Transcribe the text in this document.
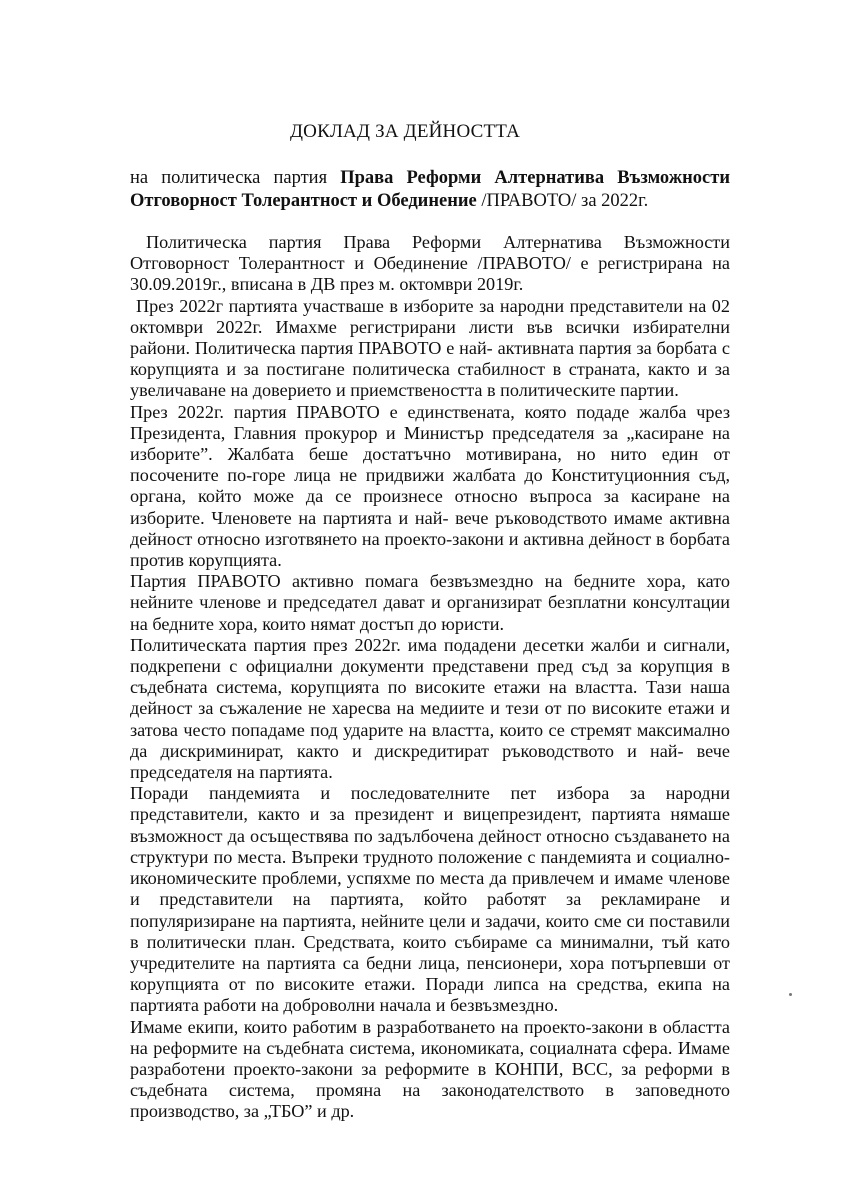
ДОКЛАД ЗА ДЕЙНОСТТА
на политическа партия Права Реформи Алтернатива Възможности Отговорност Толерантност и Обединение /ПРАВОТО/ за 2022г.

Политическа партия Права Реформи Алтернатива Възможности Отговорност Толерантност и Обединение /ПРАВОТО/ е регистрирана на 30.09.2019г., вписана в ДВ през м. октомври 2019г.

През 2022г партията участваше в изборите за народни представители на 02 октомври 2022г. Имахме регистрирани листи във всички избирателни райони. Политическа партия ПРАВОТО е най- активната партия за борбата с корупцията и за постигане политическа стабилност в страната, както и за увеличаване на доверието и приемствеността в политическите партии.

През 2022г. партия ПРАВОТО е единствената, която подаде жалба чрез Президента, Главния прокурор и Министър председателя за „касиране на изборите”. Жалбата беше достатъчно мотивирана, но нито един от посочените по-горе лица не придвижи жалбата до Конституционния съд, органа, който може да се произнесе относно въпроса за касиране на изборите. Членовете на партията и най- вече ръководството имаме активна дейност относно изготвянето на проекто-закони и активна дейност в борбата против корупцията.

Партия ПРАВОТО активно помага безвъзмездно на бедните хора, като нейните членове и председател дават и организират безплатни консултации на бедните хора, които нямат достъп до юристи.

Политическата партия през 2022г. има подадени десетки жалби и сигнали, подкрепени с официални документи представени пред съд за корупция в съдебната система, корупцията по високите етажи на властта. Тази наша дейност за съжаление не харесва на медиите и тези от по високите етажи и затова често попадаме под ударите на властта, които се стремят максимално да дискриминират, както и дискредитират ръководството и най- вече председателя на партията.

Поради пандемията и последователните пет избора за народни представители, както и за президент и вицепрезидент, партията нямаше възможност да осъществява по задълбочена дейност относно създаването на структури по места. Въпреки трудното положение с пандемията и социално-икономическите проблеми, успяхме по места да привлечем и имаме членове и представители на партията, който работят за рекламиране и популяризиране на партията, нейните цели и задачи, които сме си поставили в политически план. Средствата, които събираме са минимални, тъй като учредителите на партията са бедни лица, пенсионери, хора потърпевши от корупцията от по високите етажи. Поради липса на средства, екипа на партията работи на доброволни начала и безвъзмездно.

Имаме екипи, които работим в разработването на проекто-закони в областта на реформите на съдебната система, икономиката, социалната сфера. Имаме разработени проекто-закони за реформите в КОНПИ, ВСС, за реформи в съдебната система, промяна на законодателството в заповедното производство, за „ТБО” и др.
